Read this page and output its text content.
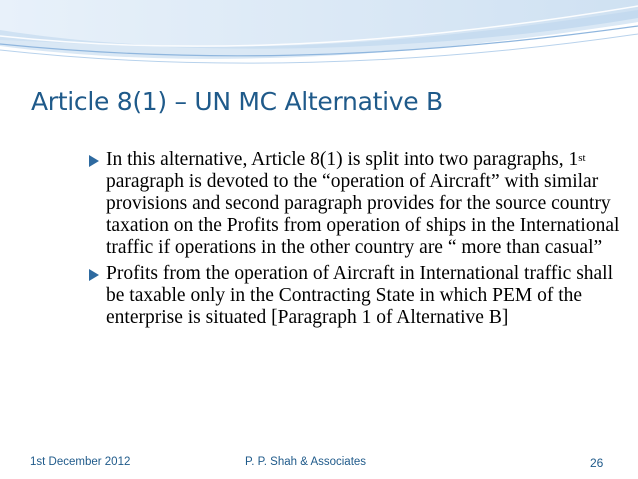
Article 8(1) – UN MC Alternative B
In this alternative, Article 8(1) is split into two paragraphs, 1st paragraph is devoted to the “operation of Aircraft” with similar provisions and second paragraph provides for the source country taxation on the Profits from operation of ships in the International traffic if operations in the other country are “ more than casual”
Profits from the operation of Aircraft in International traffic shall be taxable only in the Contracting State in which PEM of the enterprise is situated [Paragraph 1 of Alternative B]
1st December 2012	P. P. Shah & Associates	26
